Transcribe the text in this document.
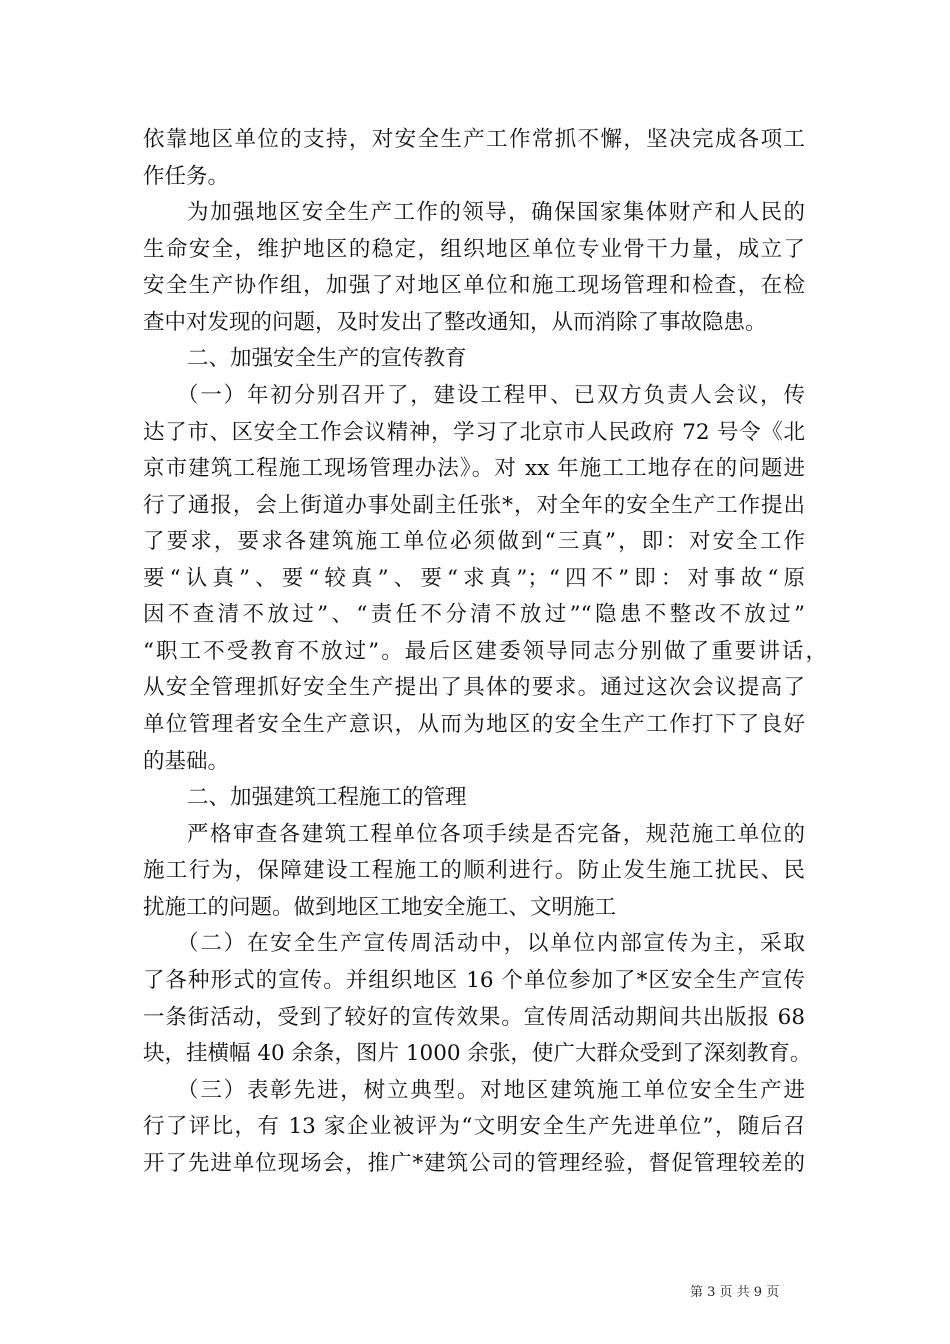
依靠地区单位的支持，对安全生产工作常抓不懈，坚决完成各项工
作任务。
为加强地区安全生产工作的领导，确保国家集体财产和人民的
生命安全，维护地区的稳定，组织地区单位专业骨干力量，成立了
安全生产协作组，加强了对地区单位和施工现场管理和检查，在检
查中对发现的问题，及时发出了整改通知，从而消除了事故隐患。
二、加强安全生产的宣传教育
（一）年初分别召开了，建设工程甲、已双方负责人会议，传
达了市、区安全工作会议精神，学习了北京市人民政府 72 号令《北
京市建筑工程施工现场管理办法》。对 xx 年施工工地存在的问题进
行了通报，会上街道办事处副主任张*，对全年的安全生产工作提出
了要求，要求各建筑施工单位必须做到“三真”，即：对安全工作
要“认真”、要“较真”、要“求真”；“四不”即：对事故“原
因不查清不放过”、“责任不分清不放过”“隐患不整改不放过”
“职工不受教育不放过”。最后区建委领导同志分别做了重要讲话，
从安全管理抓好安全生产提出了具体的要求。通过这次会议提高了
单位管理者安全生产意识，从而为地区的安全生产工作打下了良好
的基础。
二、加强建筑工程施工的管理
严格审查各建筑工程单位各项手续是否完备，规范施工单位的
施工行为，保障建设工程施工的顺利进行。防止发生施工扰民、民
扰施工的问题。做到地区工地安全施工、文明施工
（二）在安全生产宣传周活动中，以单位内部宣传为主，采取
了各种形式的宣传。并组织地区 16 个单位参加了*区安全生产宣传
一条街活动，受到了较好的宣传效果。宣传周活动期间共出版报 68
块，挂横幅 40 余条，图片 1000 余张，使广大群众受到了深刻教育。
（三）表彰先进，树立典型。对地区建筑施工单位安全生产进
行了评比，有 13 家企业被评为“文明安全生产先进单位”，随后召
开了先进单位现场会，推广*建筑公司的管理经验，督促管理较差的
第 3 页 共 9 页
